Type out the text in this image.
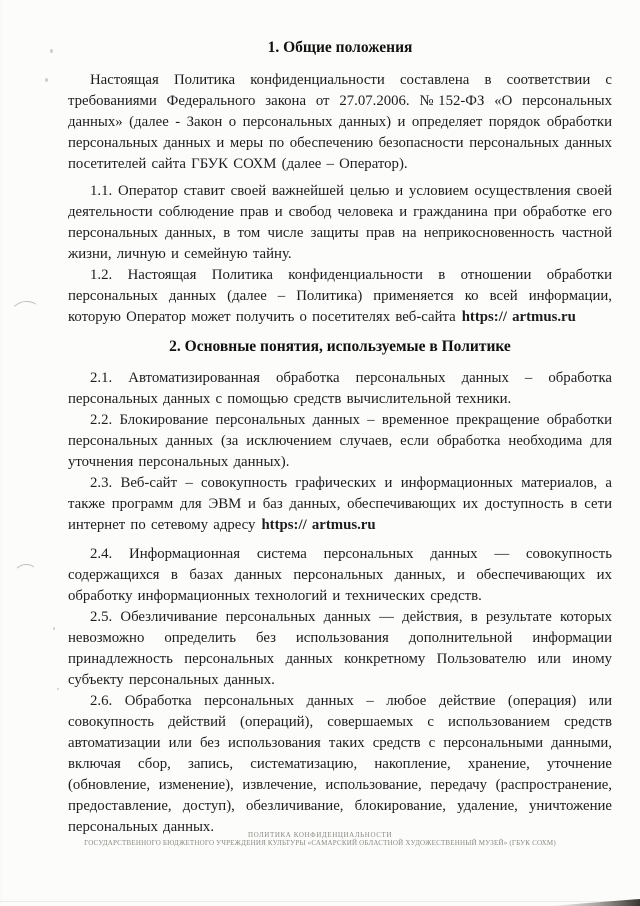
1. Общие положения

Настоящая Политика конфиденциальности составлена в соответствии с требованиями Федерального закона от 27.07.2006. №152-ФЗ «О персональных данных» (далее - Закон о персональных данных) и определяет порядок обработки персональных данных и меры по обеспечению безопасности персональных данных посетителей сайта ГБУК СОХМ (далее – Оператор).

1.1. Оператор ставит своей важнейшей целью и условием осуществления своей деятельности соблюдение прав и свобод человека и гражданина при обработке его персональных данных, в том числе защиты прав на неприкосновенность частной жизни, личную и семейную тайну.

1.2. Настоящая Политика конфиденциальности в отношении обработки персональных данных (далее – Политика) применяется ко всей информации, которую Оператор может получить о посетителях веб-сайта https:// artmus.ru

2. Основные понятия, используемые в Политике

2.1. Автоматизированная обработка персональных данных – обработка персональных данных с помощью средств вычислительной техники.

2.2. Блокирование персональных данных – временное прекращение обработки персональных данных (за исключением случаев, если обработка необходима для уточнения персональных данных).

2.3. Веб-сайт – совокупность графических и информационных материалов, а также программ для ЭВМ и баз данных, обеспечивающих их доступность в сети интернет по сетевому адресу https:// artmus.ru

2.4. Информационная система персональных данных — совокупность содержащихся в базах данных персональных данных, и обеспечивающих их обработку информационных технологий и технических средств.

2.5. Обезличивание персональных данных — действия, в результате которых невозможно определить без использования дополнительной информации принадлежность персональных данных конкретному Пользователю или иному субъекту персональных данных.

2.6. Обработка персональных данных – любое действие (операция) или совокупность действий (операций), совершаемых с использованием средств автоматизации или без использования таких средств с персональными данными, включая сбор, запись, систематизацию, накопление, хранение, уточнение (обновление, изменение), извлечение, использование, передачу (распространение, предоставление, доступ), обезличивание, блокирование, удаление, уничтожение персональных данных.	ПОЛИТИКА КОНФИДЕНЦИАЛЬНОСТИ
ГОСУДАРСТВЕННОГО БЮДЖЕТНОГО УЧРЕЖДЕНИЯ КУЛЬТУРЫ «САМАРСКИЙ ОБЛАСТНОЙ ХУДОЖЕСТВЕННЫЙ МУЗЕЙ» (ГБУК СОХМ)
